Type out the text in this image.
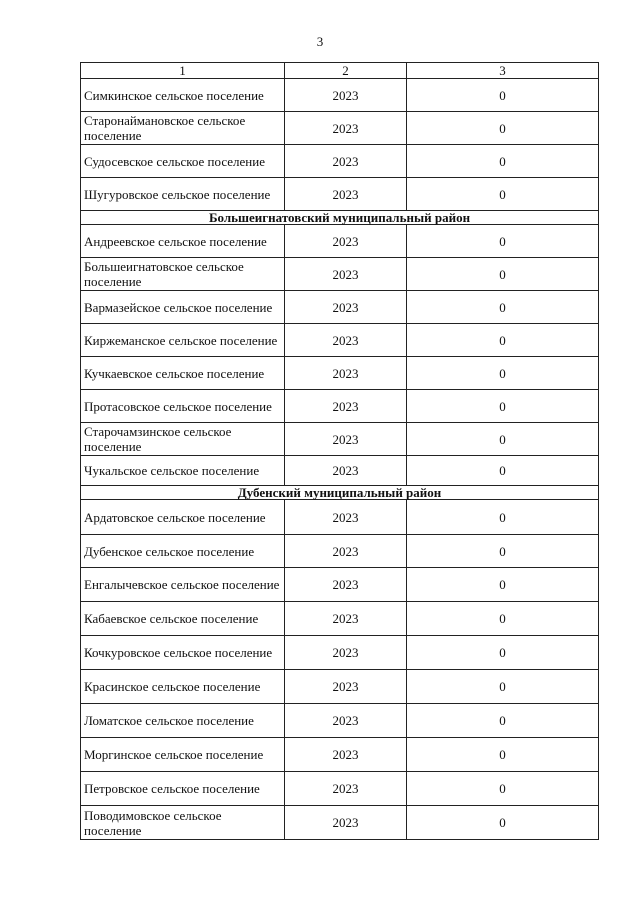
3
1	2	3
Симкинское сельское поселение	2023	0
Старонаймановское сельское поселение	2023	0
Судосевское сельское поселение	2023	0
Шугуровское сельское поселение	2023	0
Большеигнатовский муниципальный район		
Андреевское сельское поселение	2023	0
Большеигнатовское сельское поселение	2023	0
Вармазейское сельское поселение	2023	0
Киржеманское сельское поселение	2023	0
Кучкаевское сельское поселение	2023	0
Протасовское сельское поселение	2023	0
Старочамзинское сельское поселение	2023	0
Чукальское сельское поселение	2023	0
Дубенский муниципальный район		
Ардатовское сельское поселение	2023	0
Дубенское сельское поселение	2023	0
Енгалычевское сельское поселение	2023	0
Кабаевское сельское поселение	2023	0
Кочкуровское сельское поселение	2023	0
Красинское сельское поселение	2023	0
Ломатское сельское поселение	2023	0
Моргинское сельское поселение	2023	0
Петровское сельское поселение	2023	0
Поводимовское сельское поселение	2023	0
